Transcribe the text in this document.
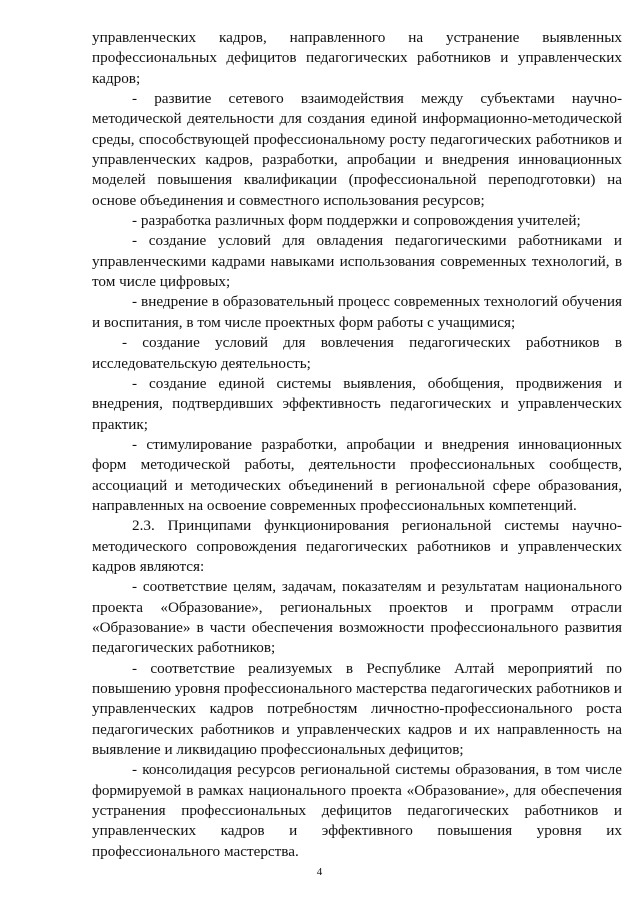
управленческих кадров, направленного на устранение выявленных профессиональных дефицитов педагогических работников и управленческих кадров;

- развитие сетевого взаимодействия между субъектами научно-методической деятельности для создания единой информационно-методической среды, способствующей профессиональному росту педагогических работников и управленческих кадров, разработки, апробации и внедрения инновационных моделей повышения квалификации (профессиональной переподготовки) на основе объединения и совместного использования ресурсов;

- разработка различных форм поддержки и сопровождения учителей;

- создание условий для овладения педагогическими работниками и управленческими кадрами навыками использования современных технологий, в том числе цифровых;

- внедрение в образовательный процесс современных технологий обучения и воспитания, в том числе проектных форм работы с учащимися;

- создание условий для вовлечения педагогических работников в исследовательскую деятельность;

- создание единой системы выявления, обобщения, продвижения и внедрения, подтвердивших эффективность педагогических и управленческих практик;

- стимулирование разработки, апробации и внедрения инновационных форм методической работы, деятельности профессиональных сообществ, ассоциаций и методических объединений в региональной сфере образования, направленных на освоение современных профессиональных компетенций.

2.3. Принципами функционирования региональной системы научно-методического сопровождения педагогических работников и управленческих кадров являются:

- соответствие целям, задачам, показателям и результатам национального проекта «Образование», региональных проектов и программ отрасли «Образование» в части обеспечения возможности профессионального развития педагогических работников;

- соответствие реализуемых в Республике Алтай мероприятий по повышению уровня профессионального мастерства педагогических работников и управленческих кадров потребностям личностно-профессионального роста педагогических работников и управленческих кадров и их направленность на выявление и ликвидацию профессиональных дефицитов;

- консолидация ресурсов региональной системы образования, в том числе формируемой в рамках национального проекта «Образование», для обеспечения устранения профессиональных дефицитов педагогических работников и управленческих кадров и эффективного повышения уровня их профессионального мастерства.

4
